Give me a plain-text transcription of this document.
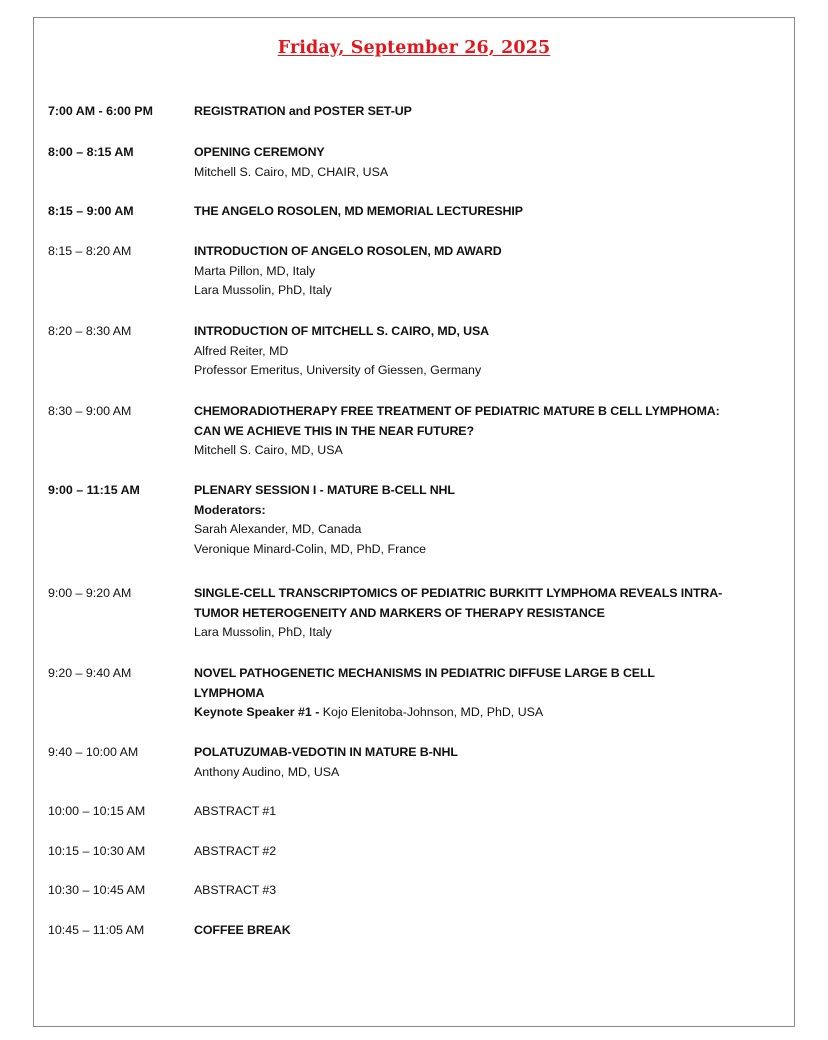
Friday, September 26, 2025
7:00 AM - 6:00 PM	REGISTRATION and POSTER SET-UP
8:00 – 8:15 AM	OPENING CEREMONY
Mitchell S. Cairo, MD, CHAIR, USA
8:15 – 9:00 AM	THE ANGELO ROSOLEN, MD MEMORIAL LECTURESHIP
8:15 – 8:20 AM	INTRODUCTION OF ANGELO ROSOLEN, MD AWARD
Marta Pillon, MD, Italy
Lara Mussolin, PhD, Italy
8:20 – 8:30 AM	INTRODUCTION OF MITCHELL S. CAIRO, MD, USA
Alfred Reiter, MD
Professor Emeritus, University of Giessen, Germany
8:30 – 9:00 AM	CHEMORADIOTHERAPY FREE TREATMENT OF PEDIATRIC MATURE B CELL LYMPHOMA:
CAN WE ACHIEVE THIS IN THE NEAR FUTURE?
Mitchell S. Cairo, MD, USA
9:00 – 11:15 AM	PLENARY SESSION I - MATURE B-CELL NHL
Moderators:
Sarah Alexander, MD, Canada
Veronique Minard-Colin, MD, PhD, France
9:00 – 9:20 AM	SINGLE-CELL TRANSCRIPTOMICS OF PEDIATRIC BURKITT LYMPHOMA REVEALS INTRA-
TUMOR HETEROGENEITY AND MARKERS OF THERAPY RESISTANCE
Lara Mussolin, PhD, Italy
9:20 – 9:40 AM	NOVEL PATHOGENETIC MECHANISMS IN PEDIATRIC DIFFUSE LARGE B CELL
LYMPHOMA
Keynote Speaker #1 - Kojo Elenitoba-Johnson, MD, PhD, USA
9:40 – 10:00 AM	POLATUZUMAB-VEDOTIN IN MATURE B-NHL
Anthony Audino, MD, USA
10:00 – 10:15 AM	ABSTRACT #1
10:15 – 10:30 AM	ABSTRACT #2
10:30 – 10:45 AM	ABSTRACT #3
10:45 – 11:05 AM	COFFEE BREAK
